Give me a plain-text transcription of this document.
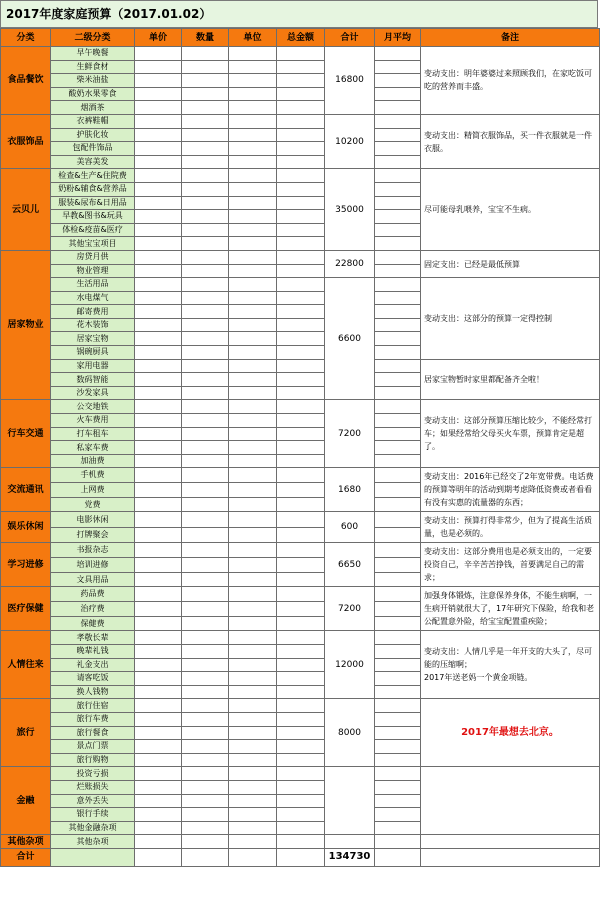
2017年度家庭预算（2017.01.02）
分类	二级分类	单价	数量	单位	总金额	合计	月平均	备注
食品餐饮	早午晚餐					16800		变动支出：明年婆婆过来照顾我们，在家吃饭可吃的营养而丰盛。
	生鲜食材							
	柴米油盐							
	酸奶水果零食							
	烟酒茶							
衣服饰品	衣裤鞋帽					10200		变动支出：精简衣服饰品，买一件衣服就是一件衣服。
	护肤化妆							
	包配件饰品							
	美容美发							
云贝儿	检查&生产&住院费					35000		尽可能母乳喂养，宝宝不生病。
	奶粉&辅食&营养品							
	服装&尿布&日用品							
	早教&图书&玩具							
	体检&疫苗&医疗							
	其他宝宝项目							
居家物业	房贷月供					22800		固定支出：已经是最低预算
	物业管理							
	生活用品					6600		变动支出：这部分的预算一定得控制
	水电煤气							
	邮寄费用							
	花木装饰							
	居家宝物							
	锅碗厨具							
	家用电器							居家宝物暂时家里都配备齐全啦！
	数码智能							
	沙发家具							
行车交通	公交地铁					7200		变动支出：这部分预算压缩比较少，不能经常打车；如果经常给父母买火车票，预算肯定是超了。
	火车费用							
	打车租车							
	私家车费							
	加油费							
交流通讯	手机费					1680		变动支出：2016年已经交了2年宽带费。电话费的预算等明年的活动到期考虑降低资费或者看看有没有实惠的流量器的东西；
	上网费							
	党费							
娱乐休闲	电影休闲					600		变动支出：预算打得非常少，但为了提高生活质量，也是必须的。
	打牌聚会							
学习进修	书报杂志					6650		变动支出：这部分费用也是必须支出的，一定要投资自己，辛辛苦苦挣钱，首要满足自己的需求；
	培训进修							
	文具用品							
医疗保健	药品费					7200		加强身体锻炼，注意保养身体，不能生病啊，一生病开销就很大了，17年研究下保险，给我和老公配置意外险，给宝宝配置重疾险；
	治疗费							
	保健费							
人情往来	孝敬长辈					12000		变动支出：人情几乎是一年开支的大头了，尽可能的压缩啊；
2017年送老妈一个黄金项链。
	晚辈礼钱							
	礼金支出							
	请客吃饭							
	换人钱物							
旅行	旅行住宿					8000		2017年最想去北京。
	旅行车费							
	旅行餐食							
	景点门票							
	旅行购物							
金融	投资亏损							
	烂账损失							
	意外丢失							
	银行手续							
	其他金融杂项							
其他杂项	其他杂项							
合计						134730		
